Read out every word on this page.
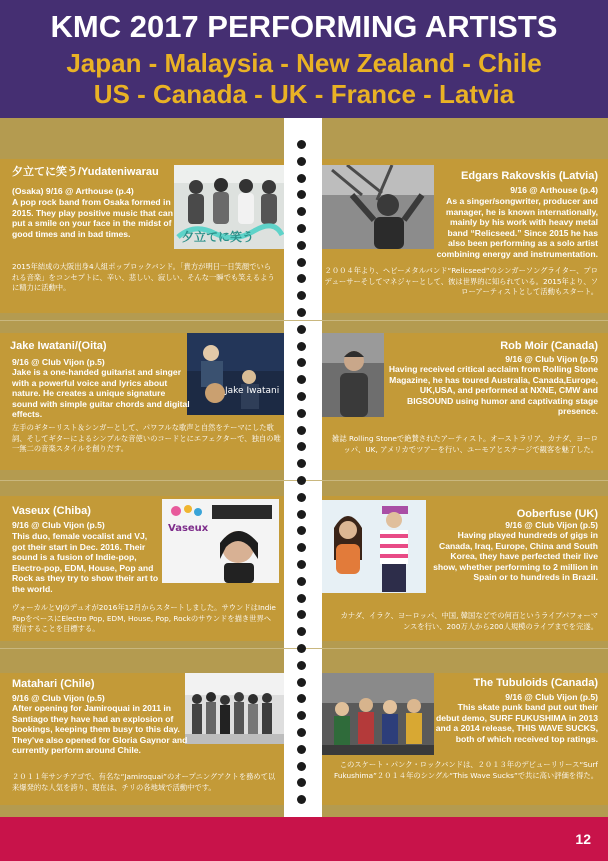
KMC 2017 PERFORMING ARTISTS
Japan - Malaysia - New Zealand - Chile
US - Canada - UK - France - Latvia
夕立てに笑う
夕立てに笑う/Yudateniwarau
(Osaka) 9/16 @ Arthouse (p.4)
A pop rock band from Osaka formed in 2015. They play positive music that can put a smile on your face in the midst of good times and in bad times.
2015年結成の大阪出身4人組ポップロックバンド。「貴方が明日一日笑顔でいられる音楽」をコンセプトに、辛い、悲しい、寂しい、そんな一瞬でも笑えるように精力に活動中。
Edgars Rakovskis (Latvia)
9/16 @ Arthouse (p.4)
As a singer/songwriter, producer and manager, he is known internationally, mainly by his work with heavy metal band “Relicseed.” Since 2015 he has also been performing as a solo artist combining energy and instrumentation.
２００４年より、ヘビーメタルバンド“Relicseed”のシンガーソングライター、プロデューサーそしてマネジャーとして、彼は世界的に知られている。2015年より、ソローアーティストとして活動もスタート。
Jake Iwatani
Jake Iwatani/(Oita)
9/16 @ Club Vijon (p.5)
Jake is a one-handed guitarist and singer with a powerful voice and lyrics about nature. He creates a unique signature sound with simple guitar chords and digital effects.
左手のギターリスト＆シンガーとして、パワフルな歌声と自然をテーマにした歌詞、そしてギターによるシンプルな音使いのコードとにエフェクターで、独自の唯一無二の音楽スタイルを創りだす。
Rob Moir (Canada)
9/16 @ Club Vijon (p.5)
Having received critical acclaim from Rolling Stone Magazine, he has toured Australia, Canada,Europe, UK,USA, and performed at NXNE, CMW and BIGSOUND using humor and captivating stage presence.
雑誌 Rolling Stoneで絶賛されたアーティスト。オーストラリア、カナダ、ヨーロッパ、UK, アメリカでツアーを行い、ユーモアとステージで観客を魅了した。
Vaseux
Vaseux (Chiba)
9/16 @ Club Vijon (p.5)
This duo, female vocalist and VJ, got their start in Dec. 2016. Their sound is a fusion of Indie-pop, Electro-pop, EDM, House, Pop and Rock as they try to show their art to the world.
ヴォーカルとVJのデュオが2016年12月からスタートしました。サウンドはIndie PopをベースにElectro Pop, EDM, House, Pop, Rockのサウンドを描き世界へ発信することを目標する。
Ooberfuse (UK)
9/16 @ Club Vijon (p.5)
Having played hundreds of gigs in Canada, Iraq, Europe, China and South Korea, they have perfected their live show, whether performing to 2 million in Spain or to hundreds in Brazil.
カナダ、イラク、ヨーロッパ、中国, 韓国などでの何百というライブパフォーマンスを行い、200万人から200人規模のライブまでを完遂。
Matahari (Chile)
9/16 @ Club Vijon (p.5)
After opening for Jamiroquai in 2011 in Santiago they have had an explosion of bookings, keeping them busy to this day. They've also opened for Gloria Gaynor and currently perform around Chile.
２０１１年サンチアゴで、有名な“Jamiroquai”のオープニングアクトを務めて以来爆発的な人気を誇り、現在は、チリの各地域で活動中です。
The Tubuloids (Canada)
9/16 @ Club Vijon (p.5)
This skate punk band put out their debut demo, SURF FUKUSHIMA in 2013 and a 2014 release, THIS WAVE SUCKS, both of which received top ratings.
このスケート・パンク・ロックバンドは、２０１３年のデビューリリース“Surf Fukushima”２０１４年のシングル“This Wave Sucks”で共に高い評価を得た。
12
